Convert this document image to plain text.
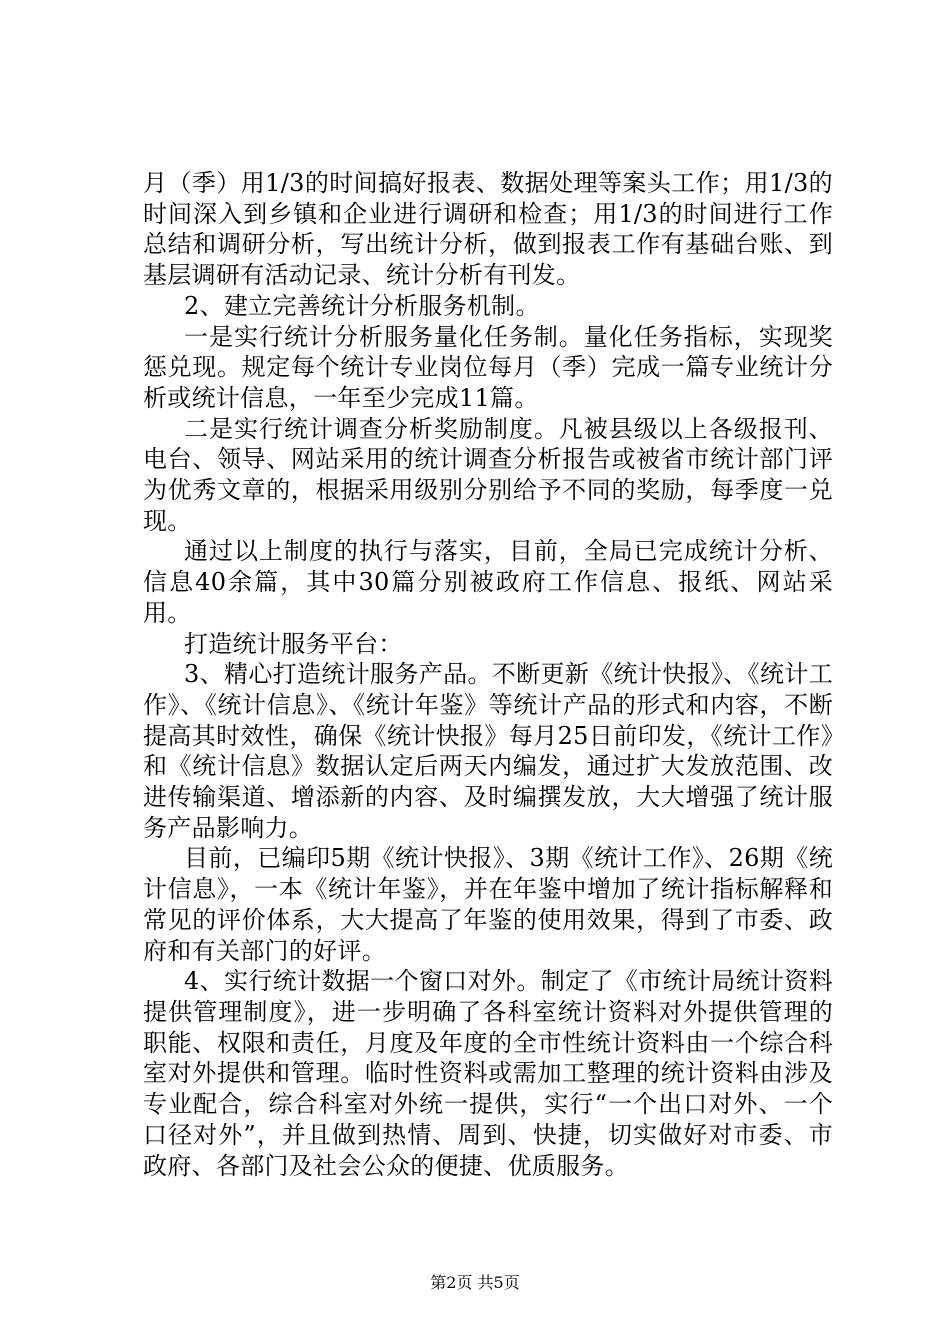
月（季）用1/3的时间搞好报表、数据处理等案头工作；用1/3的时间深入到乡镇和企业进行调研和检查；用1/3的时间进行工作总结和调研分析，写出统计分析，做到报表工作有基础台账、到基层调研有活动记录、统计分析有刊发。

2、建立完善统计分析服务机制。

一是实行统计分析服务量化任务制。量化任务指标，实现奖惩兑现。规定每个统计专业岗位每月（季）完成一篇专业统计分析或统计信息，一年至少完成11篇。

二是实行统计调查分析奖励制度。凡被县级以上各级报刊、电台、领导、网站采用的统计调查分析报告或被省市统计部门评为优秀文章的，根据采用级别分别给予不同的奖励，每季度一兑现。

通过以上制度的执行与落实，目前，全局已完成统计分析、信息40余篇，其中30篇分别被政府工作信息、报纸、网站采用。

打造统计服务平台：

3、精心打造统计服务产品。不断更新《统计快报》、《统计工作》、《统计信息》、《统计年鉴》等统计产品的形式和内容，不断提高其时效性，确保《统计快报》每月25日前印发，《统计工作》和《统计信息》数据认定后两天内编发，通过扩大发放范围、改进传输渠道、增添新的内容、及时编撰发放，大大增强了统计服务产品影响力。

目前，已编印5期《统计快报》、3期《统计工作》、26期《统计信息》，一本《统计年鉴》，并在年鉴中增加了统计指标解释和常见的评价体系，大大提高了年鉴的使用效果，得到了市委、政府和有关部门的好评。

4、实行统计数据一个窗口对外。制定了《市统计局统计资料提供管理制度》，进一步明确了各科室统计资料对外提供管理的职能、权限和责任，月度及年度的全市性统计资料由一个综合科室对外提供和管理。临时性资料或需加工整理的统计资料由涉及专业配合，综合科室对外统一提供，实行“一个出口对外、一个口径对外”，并且做到热情、周到、快捷，切实做好对市委、市政府、各部门及社会公众的便捷、优质服务。

第2页 共5页
